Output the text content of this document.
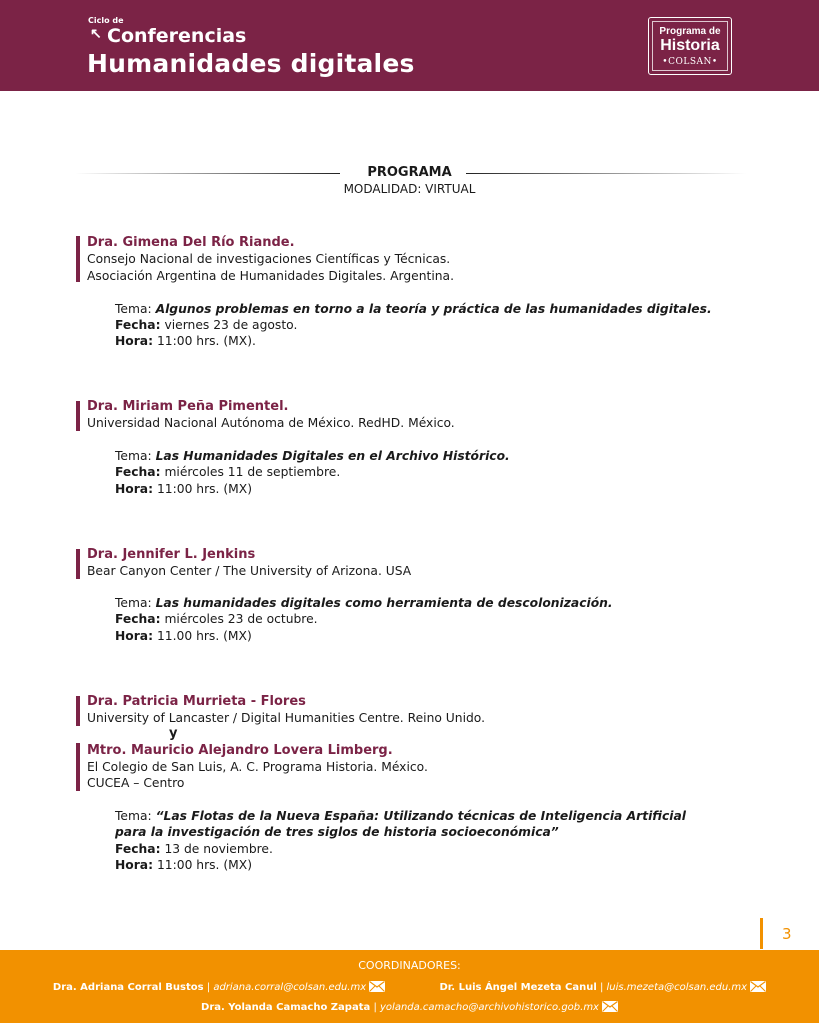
Ciclo de
↖ Conferencias
Humanidades digitales
Programa de
Historia
•COLSAN•
PROGRAMA
MODALIDAD: VIRTUAL
Dra. Gimena Del Río Riande.
Consejo Nacional de investigaciones Científicas y Técnicas.
Asociación Argentina de Humanidades Digitales. Argentina.
Tema: Algunos problemas en torno a la teoría y práctica de las humanidades digitales.
Fecha: viernes 23 de agosto.
Hora: 11:00 hrs. (MX).
Dra. Miriam Peña Pimentel.
Universidad Nacional Autónoma de México. RedHD. México.
Tema: Las Humanidades Digitales en el Archivo Histórico.
Fecha: miércoles 11 de septiembre.
Hora: 11:00 hrs. (MX)
Dra. Jennifer L. Jenkins
Bear Canyon Center / The University of Arizona. USA
Tema: Las humanidades digitales como herramienta de descolonización.
Fecha: miércoles 23 de octubre.
Hora: 11.00 hrs. (MX)
Dra. Patricia Murrieta - Flores
University of Lancaster / Digital Humanities Centre. Reino Unido.
y
Mtro. Mauricio Alejandro Lovera Limberg.
El Colegio de San Luis, A. C. Programa Historia. México.
CUCEA – Centro
Tema: “Las Flotas de la Nueva España: Utilizando técnicas de Inteligencia Artificial
para la investigación de tres siglos de historia socioeconómica”
Fecha: 13 de noviembre.
Hora: 11:00 hrs. (MX)
3
COORDINADORES:
Dra. Adriana Corral Bustos | adriana.corral@colsan.edu.mx	Dr. Luis Ángel Mezeta Canul | luis.mezeta@colsan.edu.mx
Dra. Yolanda Camacho Zapata | yolanda.camacho@archivohistorico.gob.mx
